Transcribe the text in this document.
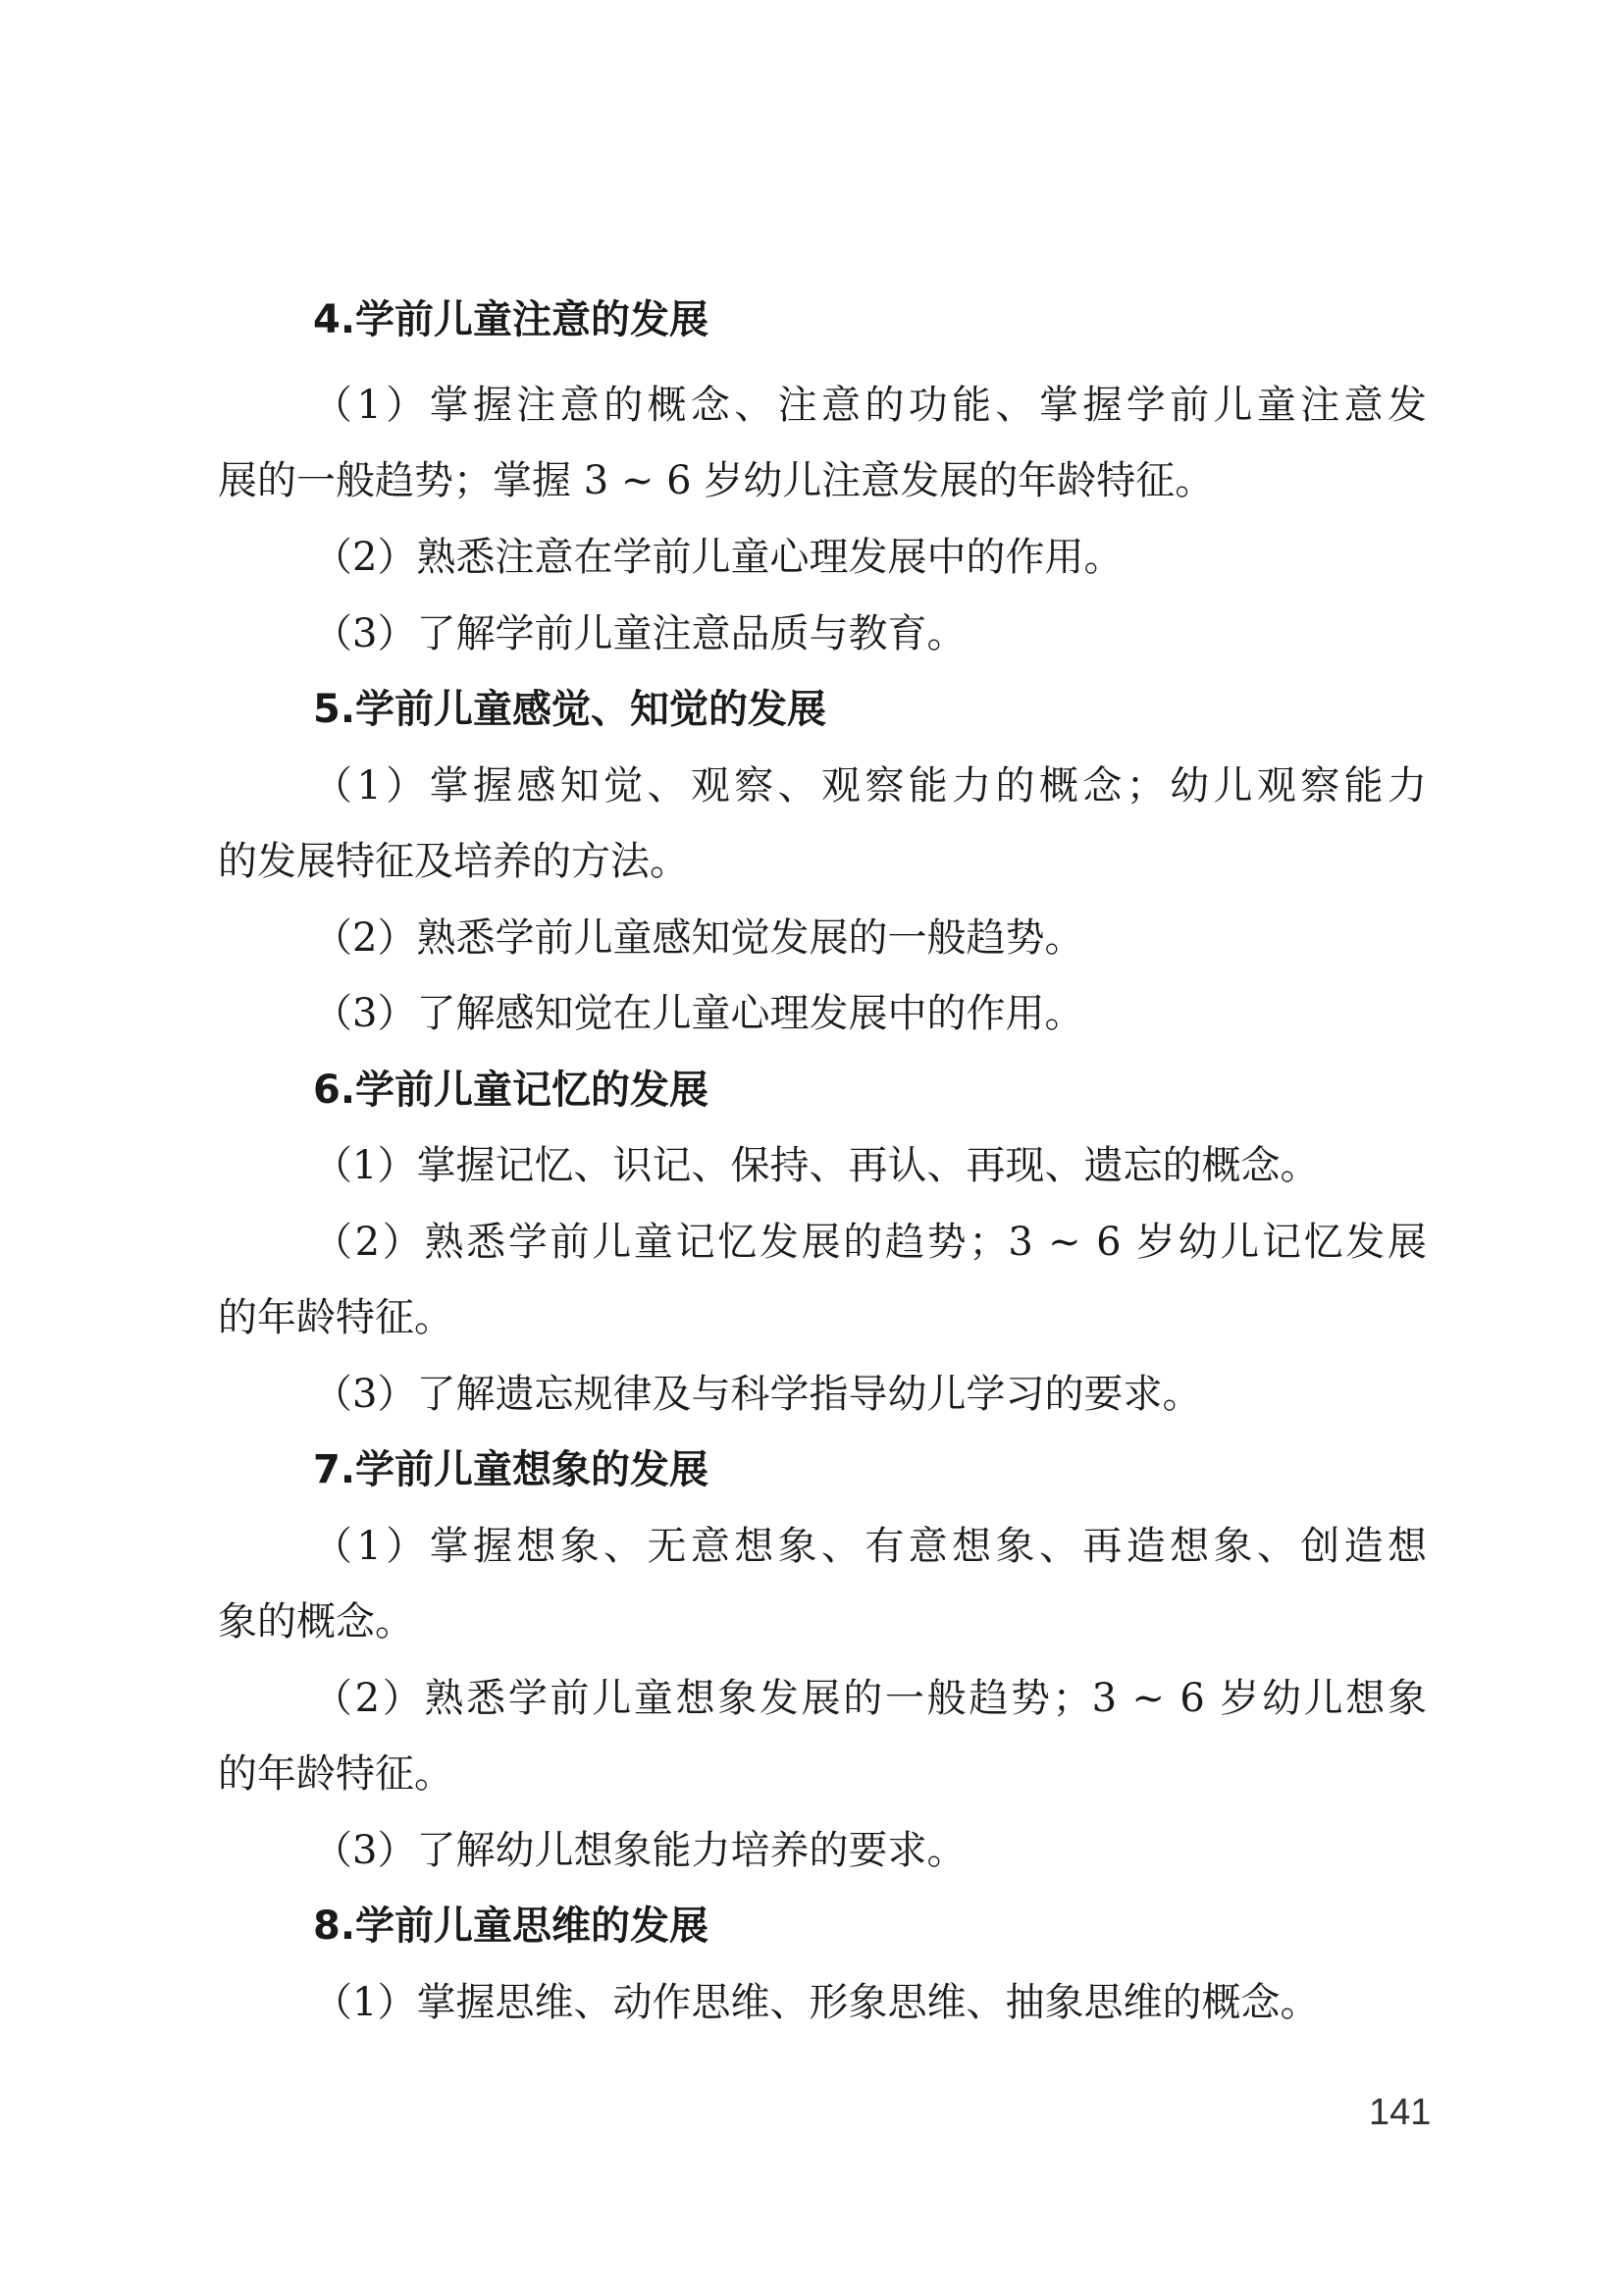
4.学前儿童注意的发展
（1）掌握注意的概念、注意的功能、掌握学前儿童注意发
展的一般趋势；掌握 3 ~ 6 岁幼儿注意发展的年龄特征。
（2）熟悉注意在学前儿童心理发展中的作用。
（3）了解学前儿童注意品质与教育。
5.学前儿童感觉、知觉的发展
（1）掌握感知觉、观察、观察能力的概念；幼儿观察能力
的发展特征及培养的方法。
（2）熟悉学前儿童感知觉发展的一般趋势。
（3）了解感知觉在儿童心理发展中的作用。
6.学前儿童记忆的发展
（1）掌握记忆、识记、保持、再认、再现、遗忘的概念。
（2）熟悉学前儿童记忆发展的趋势；3 ~ 6 岁幼儿记忆发展
的年龄特征。
（3）了解遗忘规律及与科学指导幼儿学习的要求。
7.学前儿童想象的发展
（1）掌握想象、无意想象、有意想象、再造想象、创造想
象的概念。
（2）熟悉学前儿童想象发展的一般趋势；3 ~ 6 岁幼儿想象
的年龄特征。
（3）了解幼儿想象能力培养的要求。
8.学前儿童思维的发展
（1）掌握思维、动作思维、形象思维、抽象思维的概念。
141
